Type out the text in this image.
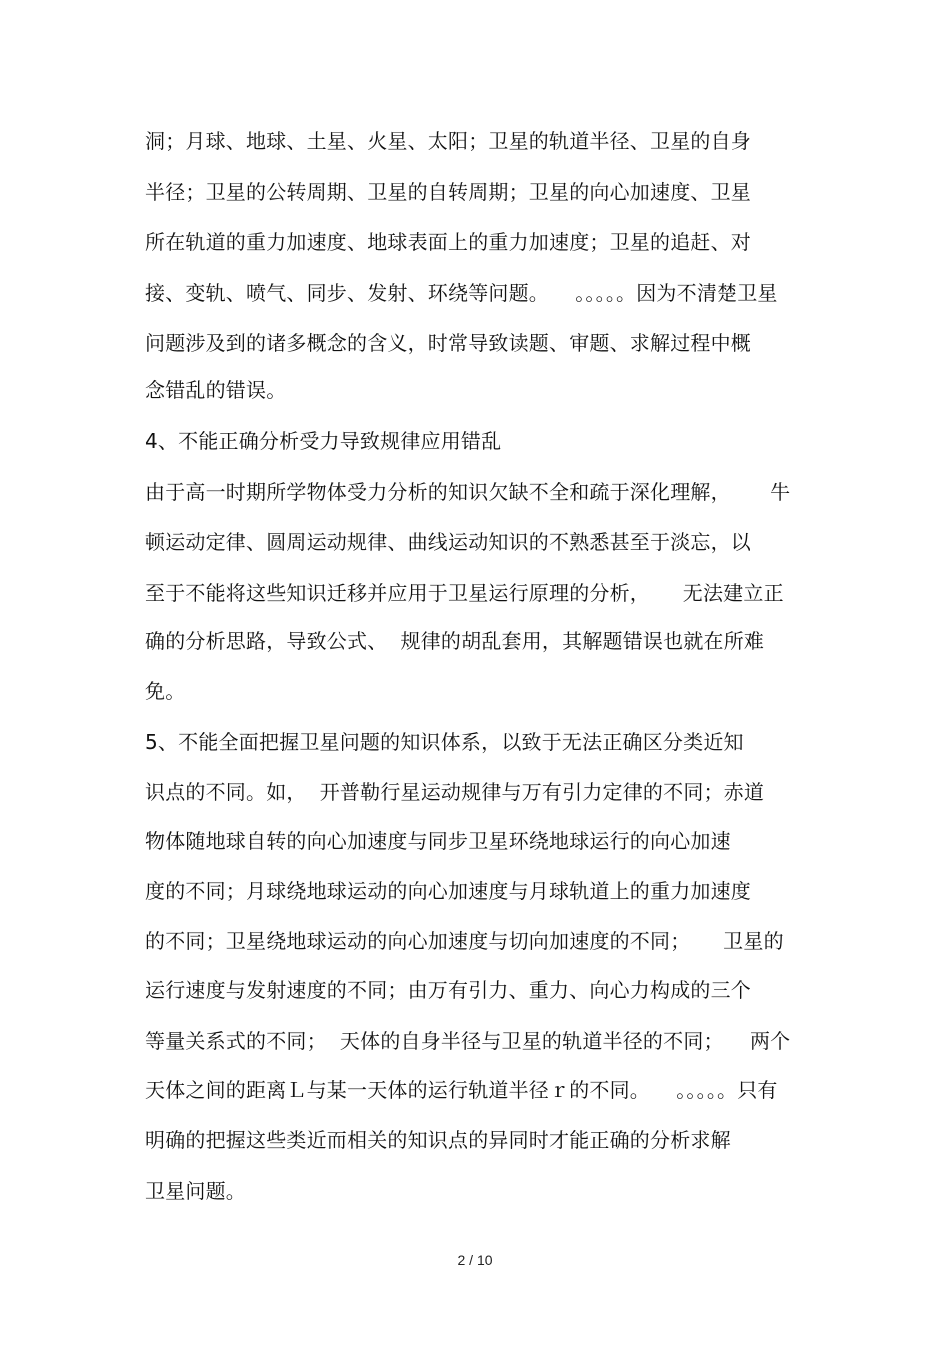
洞；月球、地球、土星、火星、太阳；卫星的轨道半径、卫星的自身
半径；卫星的公转周期、卫星的自转周期；卫星的向心加速度、卫星
所在轨道的重力加速度、地球表面上的重力加速度；卫星的追赶、对
接、变轨、喷气、同步、发射、环绕等问题。    。。。。。因为不清楚卫星
问题涉及到的诸多概念的含义，时常导致读题、审题、求解过程中概
念错乱的错误。
4、不能正确分析受力导致规律应用错乱
由于高一时期所学物体受力分析的知识欠缺不全和疏于深化理解，      牛
顿运动定律、圆周运动规律、曲线运动知识的不熟悉甚至于淡忘，以
至于不能将这些知识迁移并应用于卫星运行原理的分析，     无法建立正
确的分析思路，导致公式、  规律的胡乱套用，其解题错误也就在所难
免。
5、不能全面把握卫星问题的知识体系，以致于无法正确区分类近知
识点的不同。如，  开普勒行星运动规律与万有引力定律的不同；赤道
物体随地球自转的向心加速度与同步卫星环绕地球运行的向心加速
度的不同；月球绕地球运动的向心加速度与月球轨道上的重力加速度
的不同；卫星绕地球运动的向心加速度与切向加速度的不同；     卫星的
运行速度与发射速度的不同；由万有引力、重力、向心力构成的三个
等量关系式的不同；  天体的自身半径与卫星的轨道半径的不同；    两个
天体之间的距离Ｌ与某一天体的运行轨道半径ｒ的不同。    。。。。。只有
明确的把握这些类近而相关的知识点的异同时才能正确的分析求解
卫星问题。
2 / 10
